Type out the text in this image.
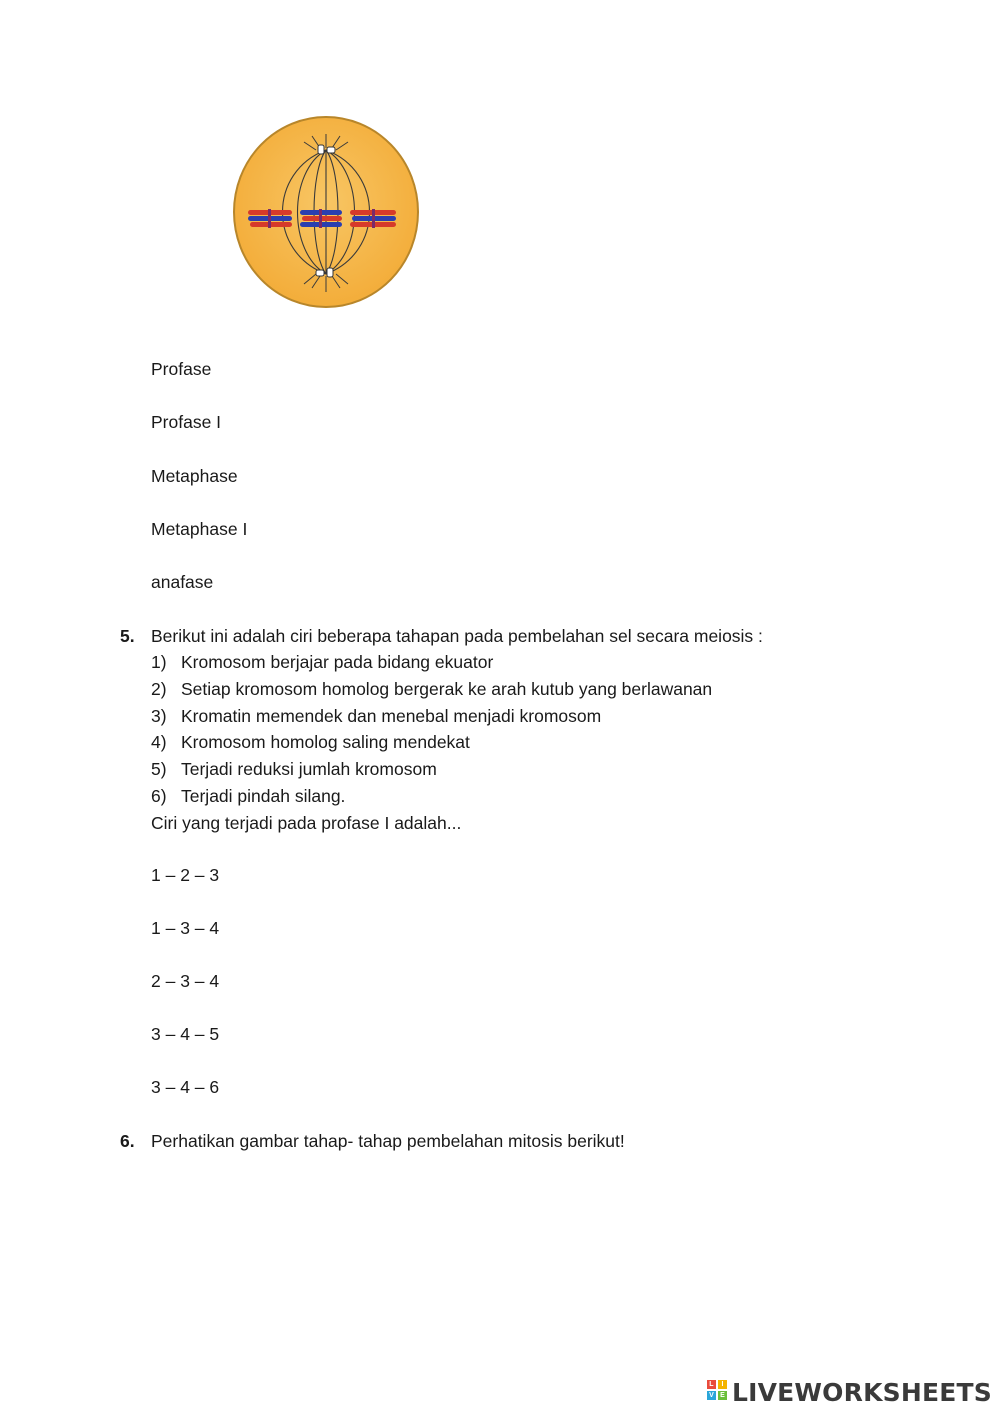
Profase
Profase I
Metaphase
Metaphase I
anafase
5. Berikut ini adalah ciri beberapa tahapan pada pembelahan sel secara meiosis :
1) Kromosom berjajar pada bidang ekuator
2) Setiap kromosom homolog bergerak ke arah kutub yang berlawanan
3) Kromatin memendek dan menebal menjadi kromosom
4) Kromosom homolog saling mendekat
5) Terjadi reduksi jumlah kromosom
6) Terjadi pindah silang.
Ciri yang terjadi pada profase I adalah...
1 – 2 – 3
1 – 3 – 4
2 – 3 – 4
3 – 4 – 5
3 – 4 – 6
6. Perhatikan gambar tahap- tahap pembelahan mitosis berikut!
L	I
V E LIVEWORKSHEETS
